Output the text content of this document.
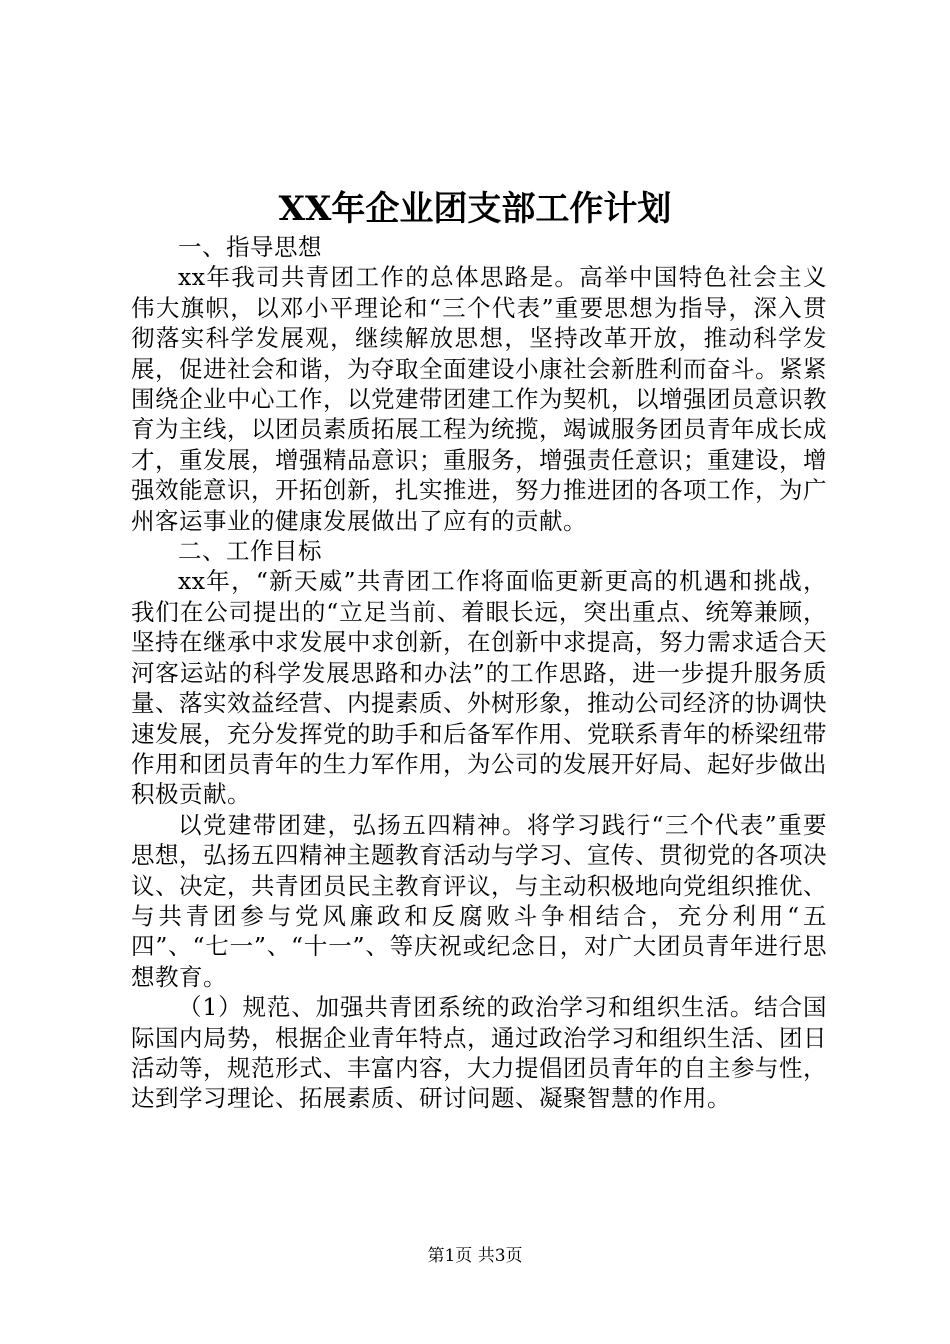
XX年企业团支部工作计划

一、指导思想

xx年我司共青团工作的总体思路是。高举中国特色社会主义伟大旗帜，以邓小平理论和“三个代表”重要思想为指导，深入贯彻落实科学发展观，继续解放思想，坚持改革开放，推动科学发展，促进社会和谐，为夺取全面建设小康社会新胜利而奋斗。紧紧围绕企业中心工作，以党建带团建工作为契机，以增强团员意识教育为主线，以团员素质拓展工程为统揽，竭诚服务团员青年成长成才，重发展，增强精品意识；重服务，增强责任意识；重建设，增强效能意识，开拓创新，扎实推进，努力推进团的各项工作，为广州客运事业的健康发展做出了应有的贡献。

二、工作目标

xx年，“新天威”共青团工作将面临更新更高的机遇和挑战，我们在公司提出的“立足当前、着眼长远，突出重点、统筹兼顾，坚持在继承中求发展中求创新，在创新中求提高，努力需求适合天河客运站的科学发展思路和办法”的工作思路，进一步提升服务质量、落实效益经营、内提素质、外树形象，推动公司经济的协调快速发展，充分发挥党的助手和后备军作用、党联系青年的桥梁纽带作用和团员青年的生力军作用，为公司的发展开好局、起好步做出积极贡献。

以党建带团建，弘扬五四精神。将学习践行“三个代表”重要思想，弘扬五四精神主题教育活动与学习、宣传、贯彻党的各项决议、决定，共青团员民主教育评议，与主动积极地向党组织推优、与共青团参与党风廉政和反腐败斗争相结合，充分利用“五四”、“七一”、“十一”、等庆祝或纪念日，对广大团员青年进行思想教育。

（1）规范、加强共青团系统的政治学习和组织生活。结合国际国内局势，根据企业青年特点，通过政治学习和组织生活、团日活动等，规范形式、丰富内容，大力提倡团员青年的自主参与性，达到学习理论、拓展素质、研讨问题、凝聚智慧的作用。

第1页 共3页
